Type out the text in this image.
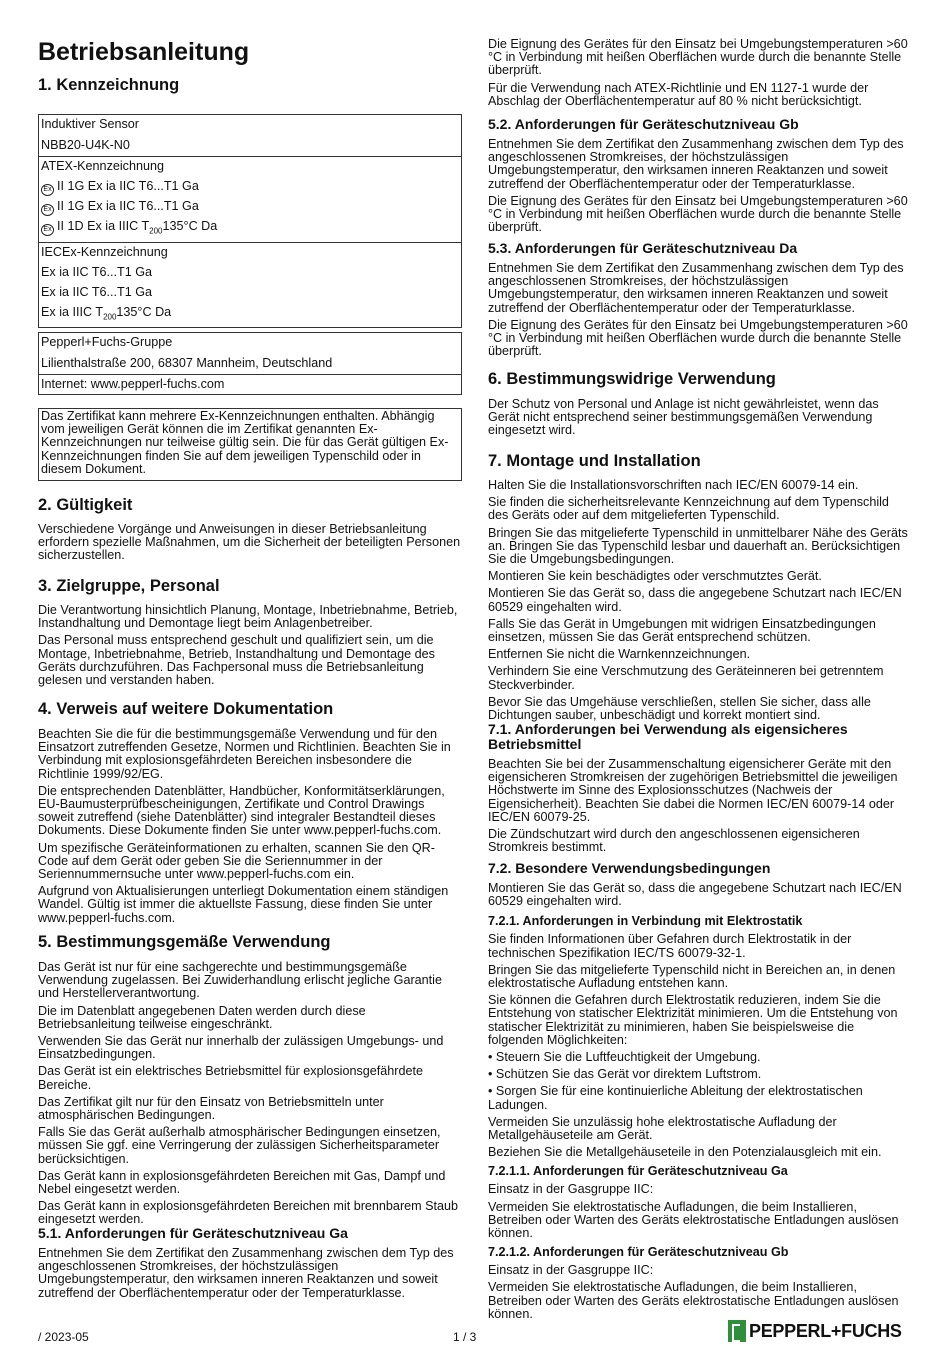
Betriebsanleitung
1. Kennzeichnung
Induktiver Sensor
NBB20-U4K-N0
ATEX-Kennzeichnung
Ex II 1G Ex ia IIC T6...T1 Ga
Ex II 1G Ex ia IIC T6...T1 Ga
Ex II 1D Ex ia IIIC $T_{200}135^\circ C$ Da
IECEx-Kennzeichnung
Ex ia IIC T6...T1 Ga
Ex ia IIC T6...T1 Ga
Ex ia IIIC $T_{200}135^\circ C$ Da
Pepperl+Fuchs-Gruppe
Lilienthalstraße 200, 68307 Mannheim, Deutschland
Internet: www.pepperl-fuchs.com

Das Zertifikat kann mehrere Ex-Kennzeichnungen enthalten. Abhängig vom jeweiligen Gerät können die im Zertifikat genannten Ex-Kennzeichnungen nur teilweise gültig sein. Die für das Gerät gültigen Ex-Kennzeichnungen finden Sie auf dem jeweiligen Typenschild oder in diesem Dokument.

2. Gültigkeit

Verschiedene Vorgänge und Anweisungen in dieser Betriebsanleitung erfordern spezielle Maßnahmen, um die Sicherheit der beteiligten Personen sicherzustellen.

3. Zielgruppe, Personal

Die Verantwortung hinsichtlich Planung, Montage, Inbetriebnahme, Betrieb, Instandhaltung und Demontage liegt beim Anlagenbetreiber.

Das Personal muss entsprechend geschult und qualifiziert sein, um die Montage, Inbetriebnahme, Betrieb, Instandhaltung und Demontage des Geräts durchzuführen. Das Fachpersonal muss die Betriebsanleitung gelesen und verstanden haben.

4. Verweis auf weitere Dokumentation

Beachten Sie die für die bestimmungsgemäße Verwendung und für den Einsatzort zutreffenden Gesetze, Normen und Richtlinien. Beachten Sie in Verbindung mit explosionsgefährdeten Bereichen insbesondere die Richtlinie 1999/92/EG.

Die entsprechenden Datenblätter, Handbücher, Konformitätserklärungen, EU-Baumusterprüfbescheinigungen, Zertifikate und Control Drawings soweit zutreffend (siehe Datenblätter) sind integraler Bestandteil dieses Dokuments. Diese Dokumente finden Sie unter www.pepperl-fuchs.com.

Um spezifische Geräteinformationen zu erhalten, scannen Sie den QR-Code auf dem Gerät oder geben Sie die Seriennummer in der Seriennummernsuche unter www.pepperl-fuchs.com ein.

Aufgrund von Aktualisierungen unterliegt Dokumentation einem ständigen Wandel. Gültig ist immer die aktuellste Fassung, diese finden Sie unter www.pepperl-fuchs.com.

5. Bestimmungsgemäße Verwendung

Das Gerät ist nur für eine sachgerechte und bestimmungsgemäße Verwendung zugelassen. Bei Zuwiderhandlung erlischt jegliche Garantie und Herstellerverantwortung.

Die im Datenblatt angegebenen Daten werden durch diese Betriebsanleitung teilweise eingeschränkt.

Verwenden Sie das Gerät nur innerhalb der zulässigen Umgebungs- und Einsatzbedingungen.

Das Gerät ist ein elektrisches Betriebsmittel für explosionsgefährdete Bereiche.

Das Zertifikat gilt nur für den Einsatz von Betriebsmitteln unter atmosphärischen Bedingungen.

Falls Sie das Gerät außerhalb atmosphärischer Bedingungen einsetzen, müssen Sie ggf. eine Verringerung der zulässigen Sicherheitsparameter berücksichtigen.

Das Gerät kann in explosionsgefährdeten Bereichen mit Gas, Dampf und Nebel eingesetzt werden.

Das Gerät kann in explosionsgefährdeten Bereichen mit brennbarem Staub eingesetzt werden.

5.1. Anforderungen für Geräteschutzniveau Ga

Entnehmen Sie dem Zertifikat den Zusammenhang zwischen dem Typ des angeschlossenen Stromkreises, der höchstzulässigen Umgebungstemperatur, den wirksamen inneren Reaktanzen und soweit zutreffend der Oberflächentemperatur oder der Temperaturklasse.

Die Eignung des Gerätes für den Einsatz bei Umgebungstemperaturen >60 °C in Verbindung mit heißen Oberflächen wurde durch die benannte Stelle überprüft.

Für die Verwendung nach ATEX-Richtlinie und EN 1127-1 wurde der Abschlag der Oberflächentemperatur auf 80 % nicht berücksichtigt.

5.2. Anforderungen für Geräteschutzniveau Gb

Entnehmen Sie dem Zertifikat den Zusammenhang zwischen dem Typ des angeschlossenen Stromkreises, der höchstzulässigen Umgebungstemperatur, den wirksamen inneren Reaktanzen und soweit zutreffend der Oberflächentemperatur oder der Temperaturklasse.

Die Eignung des Gerätes für den Einsatz bei Umgebungstemperaturen >60 °C in Verbindung mit heißen Oberflächen wurde durch die benannte Stelle überprüft.

5.3. Anforderungen für Geräteschutzniveau Da

Entnehmen Sie dem Zertifikat den Zusammenhang zwischen dem Typ des angeschlossenen Stromkreises, der höchstzulässigen Umgebungstemperatur, den wirksamen inneren Reaktanzen und soweit zutreffend der Oberflächentemperatur oder der Temperaturklasse.

Die Eignung des Gerätes für den Einsatz bei Umgebungstemperaturen >60 °C in Verbindung mit heißen Oberflächen wurde durch die benannte Stelle überprüft.

6. Bestimmungswidrige Verwendung

Der Schutz von Personal und Anlage ist nicht gewährleistet, wenn das Gerät nicht entsprechend seiner bestimmungsgemäßen Verwendung eingesetzt wird.

7. Montage und Installation

Halten Sie die Installationsvorschriften nach IEC/EN 60079-14 ein.

Sie finden die sicherheitsrelevante Kennzeichnung auf dem Typenschild des Geräts oder auf dem mitgelieferten Typenschild.

Bringen Sie das mitgelieferte Typenschild in unmittelbarer Nähe des Geräts an. Bringen Sie das Typenschild lesbar und dauerhaft an. Berücksichtigen Sie die Umgebungsbedingungen.

Montieren Sie kein beschädigtes oder verschmutztes Gerät.

Montieren Sie das Gerät so, dass die angegebene Schutzart nach IEC/EN 60529 eingehalten wird.

Falls Sie das Gerät in Umgebungen mit widrigen Einsatzbedingungen einsetzen, müssen Sie das Gerät entsprechend schützen.

Entfernen Sie nicht die Warnkennzeichnungen.

Verhindern Sie eine Verschmutzung des Geräteinneren bei getrenntem Steckverbinder.

Bevor Sie das Umgehäuse verschließen, stellen Sie sicher, dass alle Dichtungen sauber, unbeschädigt und korrekt montiert sind.

7.1. Anforderungen bei Verwendung als eigensicheres Betriebsmittel

Beachten Sie bei der Zusammenschaltung eigensicherer Geräte mit den eigensicheren Stromkreisen der zugehörigen Betriebsmittel die jeweiligen Höchstwerte im Sinne des Explosionsschutzes (Nachweis der Eigensicherheit). Beachten Sie dabei die Normen IEC/EN 60079-14 oder IEC/EN 60079-25.

Die Zündschutzart wird durch den angeschlossenen eigensicheren Stromkreis bestimmt.

7.2. Besondere Verwendungsbedingungen

Montieren Sie das Gerät so, dass die angegebene Schutzart nach IEC/EN 60529 eingehalten wird.

7.2.1. Anforderungen in Verbindung mit Elektrostatik

Sie finden Informationen über Gefahren durch Elektrostatik in der technischen Spezifikation IEC/TS 60079-32-1.

Bringen Sie das mitgelieferte Typenschild nicht in Bereichen an, in denen elektrostatische Aufladung entstehen kann.

Sie können die Gefahren durch Elektrostatik reduzieren, indem Sie die Entstehung von statischer Elektrizität minimieren. Um die Entstehung von statischer Elektrizität zu minimieren, haben Sie beispielsweise die folgenden Möglichkeiten:

• Steuern Sie die Luftfeuchtigkeit der Umgebung.
• Schützen Sie das Gerät vor direktem Luftstrom.
• Sorgen Sie für eine kontinuierliche Ableitung der elektrostatischen Ladungen.

Vermeiden Sie unzulässig hohe elektrostatische Aufladung der Metallgehäuseteile am Gerät.

Beziehen Sie die Metallgehäuseteile in den Potenzialausgleich mit ein.

7.2.1.1. Anforderungen für Geräteschutzniveau Ga

Einsatz in der Gasgruppe IIC:

Vermeiden Sie elektrostatische Aufladungen, die beim Installieren, Betreiben oder Warten des Geräts elektrostatische Entladungen auslösen können.

7.2.1.2. Anforderungen für Geräteschutzniveau Gb

Einsatz in der Gasgruppe IIC:

Vermeiden Sie elektrostatische Aufladungen, die beim Installieren, Betreiben oder Warten des Geräts elektrostatische Entladungen auslösen können.

/ 2023-05	1 / 3	PEPPERL+FUCHS
